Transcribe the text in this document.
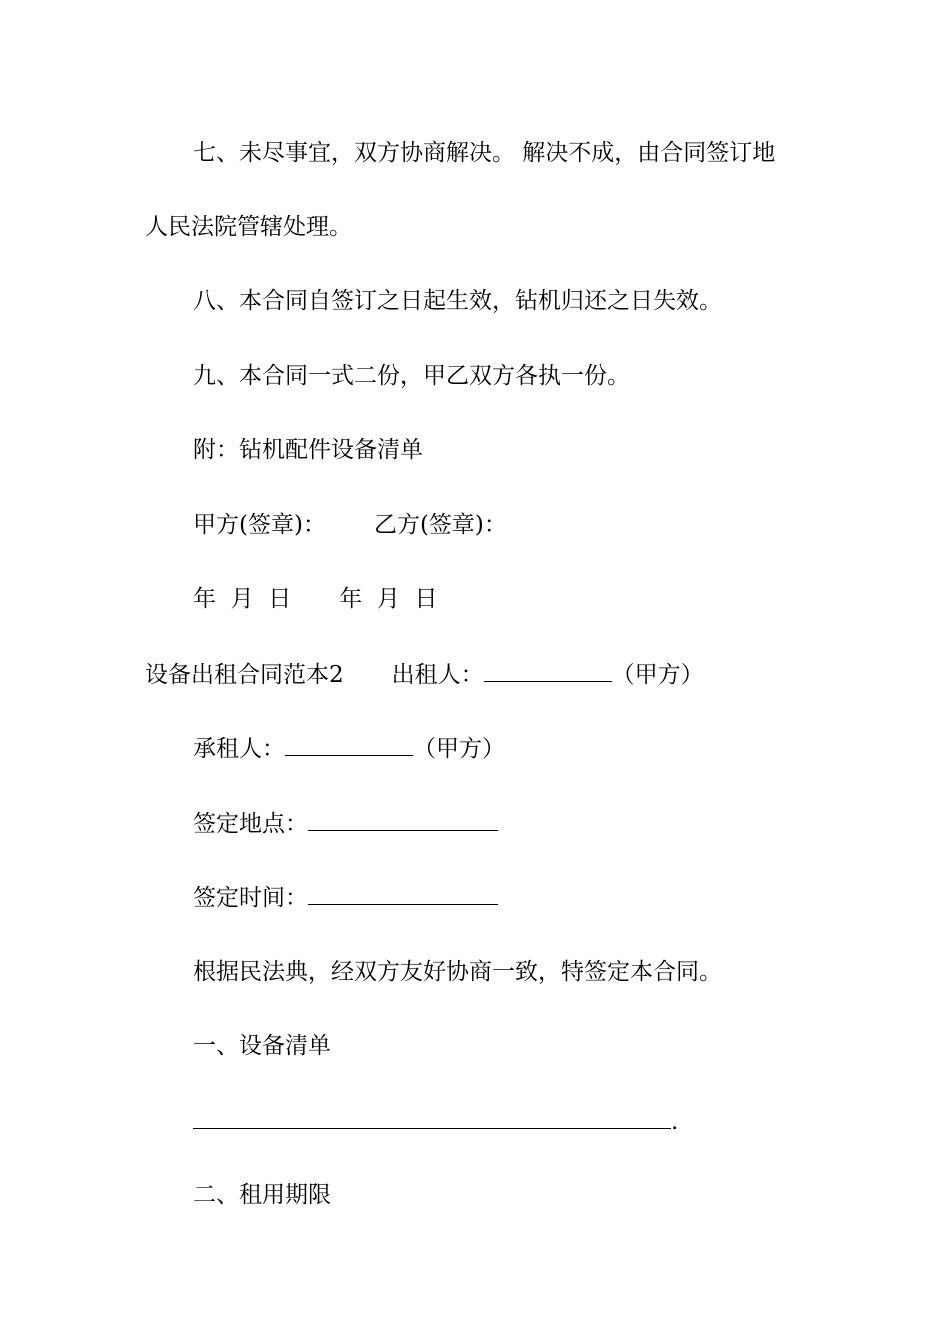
七、未尽事宜，双方协商解决。 解决不成，由合同签订地
人民法院管辖处理。
八、本合同自签订之日起生效，钻机归还之日失效。
九、本合同一式二份，甲乙双方各执一份。
附：钻机配件设备清单
甲方(签章)： 乙方(签章)：
年  月  日 年  月  日
设备出租合同范本2 出租人：	（甲方）
承租人：	（甲方）
签定地点：
签定时间：
根据民法典，经双方友好协商一致，特签定本合同。
一、设备清单
.
二、租用期限
